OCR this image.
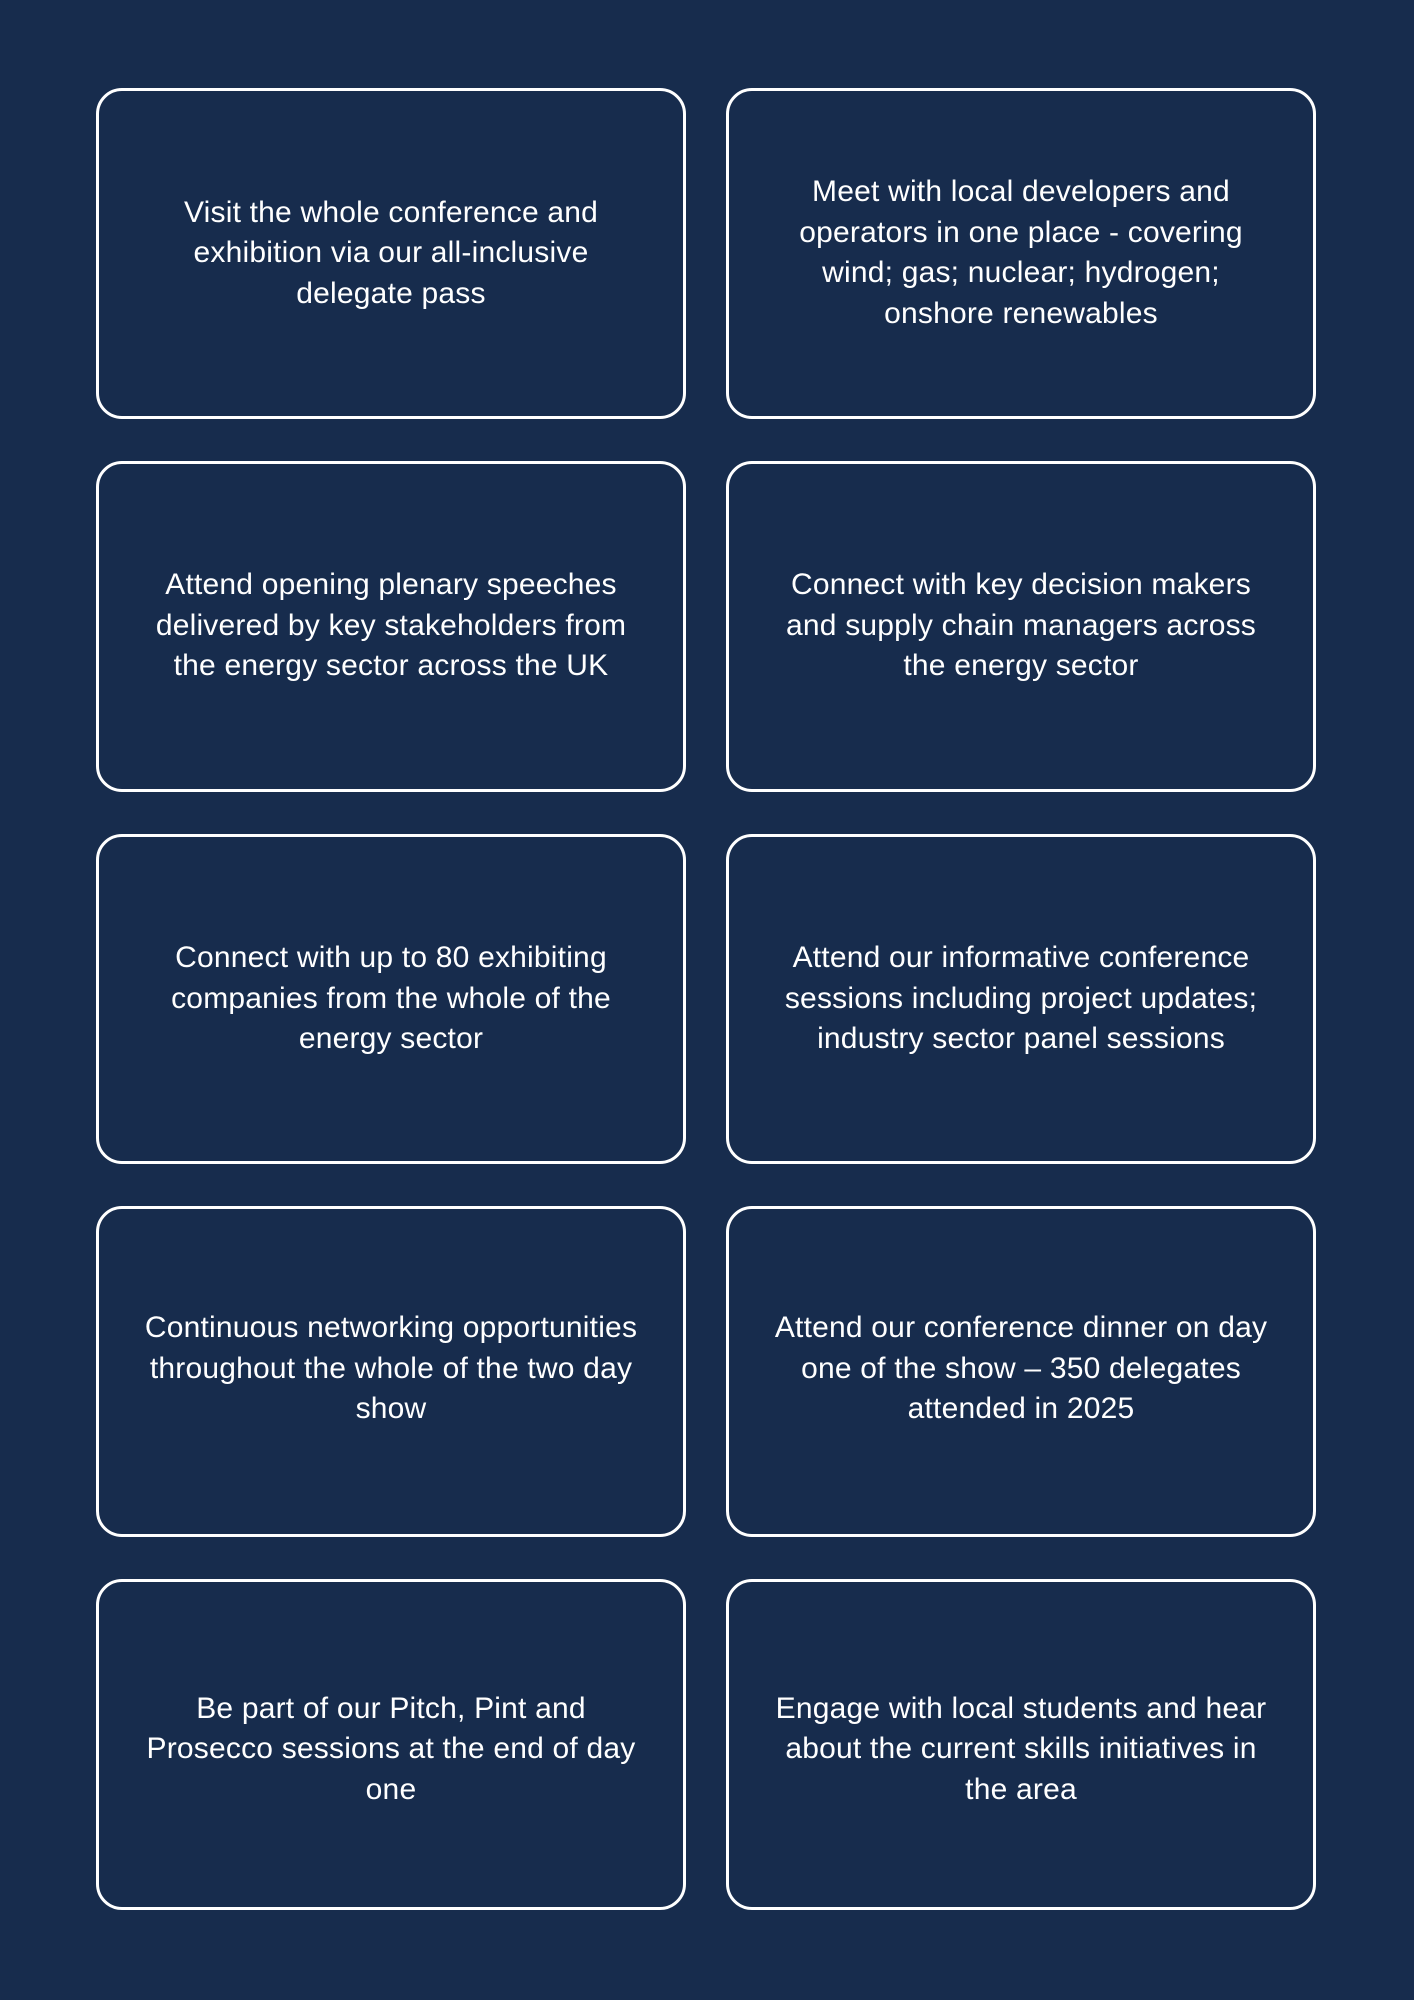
Visit the whole conference and exhibition via our all-inclusive delegate pass
Meet with local developers and operators in one place - covering wind; gas; nuclear; hydrogen; onshore renewables
Attend opening plenary speeches delivered by key stakeholders from the energy sector across the UK
Connect with key decision makers and supply chain managers across the energy sector
Connect with up to 80 exhibiting companies from the whole of the energy sector
Attend our informative conference sessions including project updates; industry sector panel sessions
Continuous networking opportunities throughout the whole of the two day show
Attend our conference dinner on day one of the show – 350 delegates attended in 2025
Be part of our Pitch, Pint and Prosecco sessions at the end of day one
Engage with local students and hear about the current skills initiatives in the area
